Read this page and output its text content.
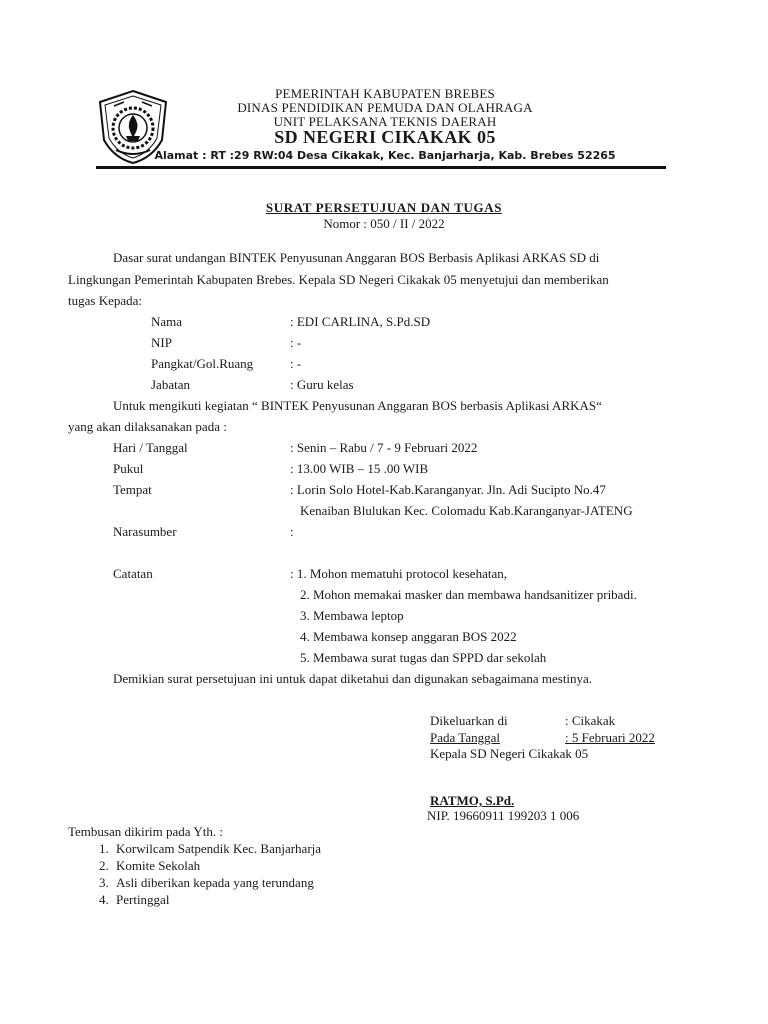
PEMERINTAH KABUPATEN BREBES
DINAS PENDIDIKAN PEMUDA DAN OLAHRAGA
UNIT PELAKSANA TEKNIS DAERAH
SD NEGERI CIKAKAK 05
Alamat : RT :29 RW:04 Desa Cikakak, Kec. Banjarharja, Kab. Brebes 52265
SURAT PERSETUJUAN DAN TUGAS
Nomor : 050 / II / 2022
Dasar surat undangan BINTEK Penyusunan Anggaran BOS Berbasis Aplikasi ARKAS SD di
Lingkungan Pemerintah Kabupaten Brebes. Kepala SD Negeri Cikakak 05 menyetujui dan memberikan
tugas Kepada:
Nama	: EDI CARLINA, S.Pd.SD
NIP	: -
Pangkat/Gol.Ruang	: -
Jabatan	: Guru kelas
Untuk mengikuti kegiatan “ BINTEK Penyusunan Anggaran BOS berbasis Aplikasi ARKAS“
yang akan dilaksanakan pada :
Hari / Tanggal	: Senin – Rabu / 7 - 9 Februari 2022
Pukul	: 13.00 WIB – 15 .00 WIB
Tempat	: Lorin Solo Hotel-Kab.Karanganyar. Jln. Adi Sucipto No.47
Kenaiban Blulukan Kec. Colomadu Kab.Karanganyar-JATENG
Narasumber	:
Catatan	: 1. Mohon mematuhi protocol kesehatan,
2. Mohon memakai masker dan membawa handsanitizer pribadi.
3. Membawa leptop
4. Membawa konsep anggaran BOS 2022
5. Membawa surat tugas dan SPPD dar sekolah
Demikian surat persetujuan ini untuk dapat diketahui dan digunakan sebagaimana mestinya.
Dikeluarkan di	: Cikakak
Pada Tanggal	: 5 Februari 2022
Kepala SD Negeri Cikakak 05
RATMO, S.Pd.
NIP. 19660911 199203 1 006
Tembusan dikirim pada Yth. :
1. Korwilcam Satpendik Kec. Banjarharja
2. Komite Sekolah
3. Asli diberikan kepada yang terundang
4. Pertinggal
